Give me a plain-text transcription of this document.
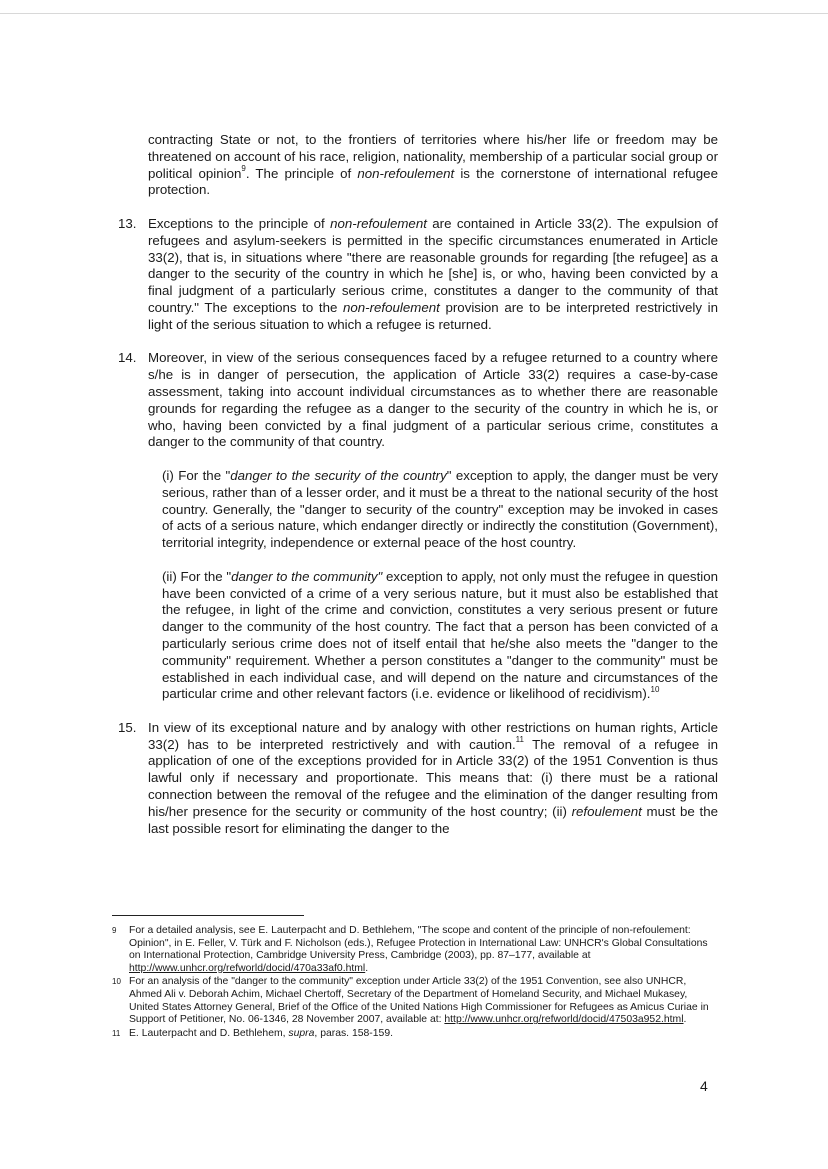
contracting State or not, to the frontiers of territories where his/her life or freedom may be threatened on account of his race, religion, nationality, membership of a particular social group or political opinion$^9$. The principle of non-refoulement is the cornerstone of international refugee protection.

13. Exceptions to the principle of non-refoulement are contained in Article 33(2). The expulsion of refugees and asylum-seekers is permitted in the specific circumstances enumerated in Article 33(2), that is, in situations where "there are reasonable grounds for regarding [the refugee] as a danger to the security of the country in which he [she] is, or who, having been convicted by a final judgment of a particularly serious crime, constitutes a danger to the community of that country." The exceptions to the non-refoulement provision are to be interpreted restrictively in light of the serious situation to which a refugee is returned.

14. Moreover, in view of the serious consequences faced by a refugee returned to a country where s/he is in danger of persecution, the application of Article 33(2) requires a case-by-case assessment, taking into account individual circumstances as to whether there are reasonable grounds for regarding the refugee as a danger to the security of the country in which he is, or who, having been convicted by a final judgment of a particular serious crime, constitutes a danger to the community of that country.

(i) For the "danger to the security of the country" exception to apply, the danger must be very serious, rather than of a lesser order, and it must be a threat to the national security of the host country. Generally, the "danger to security of the country" exception may be invoked in cases of acts of a serious nature, which endanger directly or indirectly the constitution (Government), territorial integrity, independence or external peace of the host country.

(ii) For the "danger to the community" exception to apply, not only must the refugee in question have been convicted of a crime of a very serious nature, but it must also be established that the refugee, in light of the crime and conviction, constitutes a very serious present or future danger to the community of the host country. The fact that a person has been convicted of a particularly serious crime does not of itself entail that he/she also meets the "danger to the community" requirement. Whether a person constitutes a "danger to the community" must be established in each individual case, and will depend on the nature and circumstances of the particular crime and other relevant factors (i.e. evidence or likelihood of recidivism).$^{10}$

15. In view of its exceptional nature and by analogy with other restrictions on human rights, Article 33(2) has to be interpreted restrictively and with caution.$^{11}$ The removal of a refugee in application of one of the exceptions provided for in Article 33(2) of the 1951 Convention is thus lawful only if necessary and proportionate. This means that: (i) there must be a rational connection between the removal of the refugee and the elimination of the danger resulting from his/her presence for the security or community of the host country; (ii) refoulement must be the last possible resort for eliminating the danger to the

9	For a detailed analysis, see E. Lauterpacht and D. Bethlehem, "The scope and content of the principle of non-refoulement: Opinion", in E. Feller, V. Türk and F. Nicholson (eds.), Refugee Protection in International Law: UNHCR's Global Consultations on International Protection, Cambridge University Press, Cambridge (2003), pp. 87–177, available at http://www.unhcr.org/refworld/docid/470a33af0.html.
10 For an analysis of the "danger to the community" exception under Article 33(2) of the 1951 Convention, see also UNHCR, Ahmed Ali v. Deborah Achim, Michael Chertoff, Secretary of the Department of Homeland Security, and Michael Mukasey, United States Attorney General, Brief of the Office of the United Nations High Commissioner for Refugees as Amicus Curiae in Support of Petitioner, No. 06-1346, 28 November 2007, available at: http://www.unhcr.org/refworld/docid/47503a952.html.
11 E. Lauterpacht and D. Bethlehem, supra, paras. 158-159.
4
